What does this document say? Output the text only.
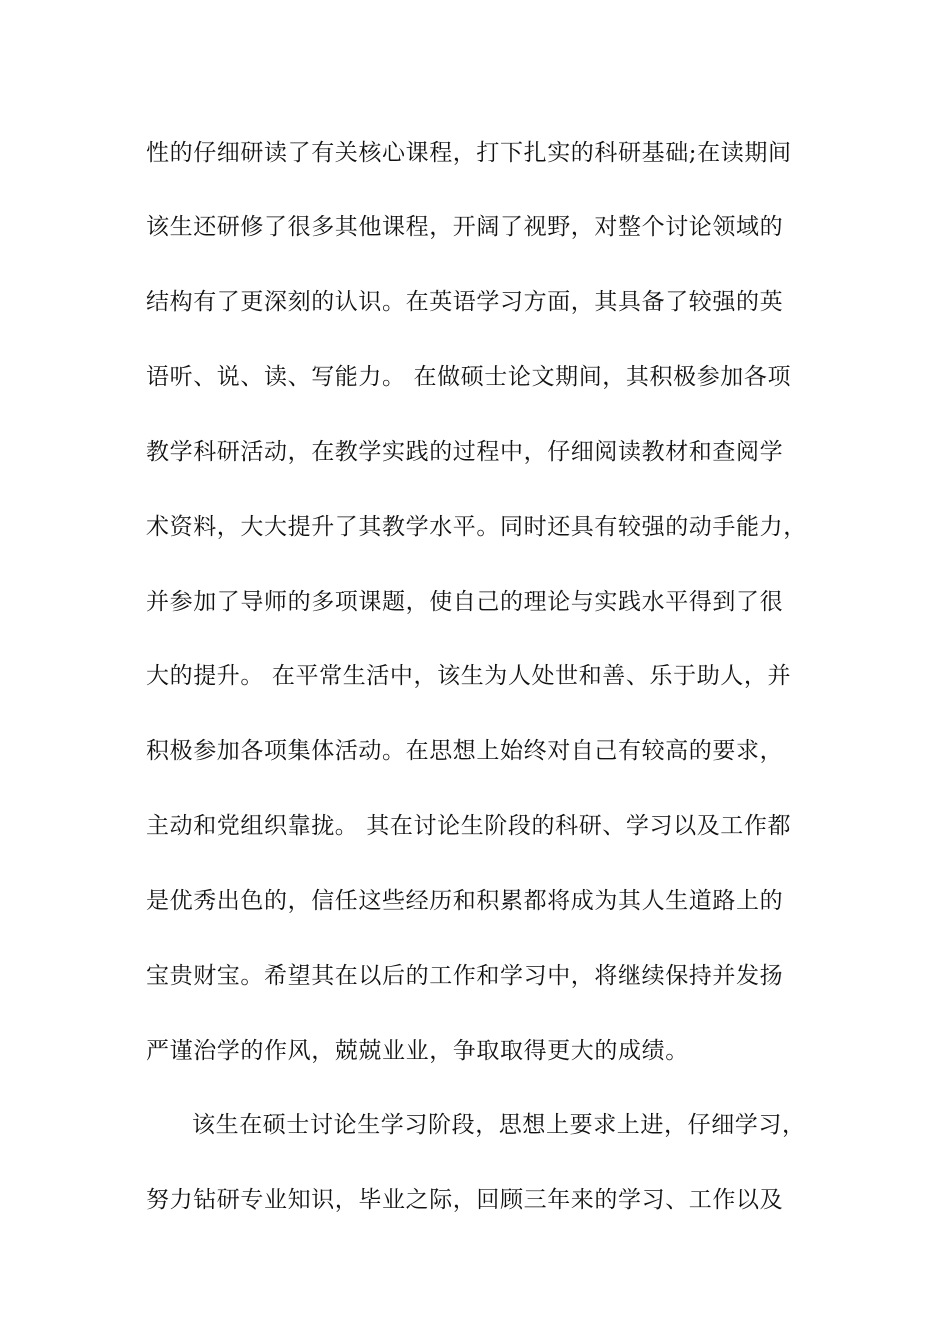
性的仔细研读了有关核心课程，打下扎实的科研基础;在读期间
该生还研修了很多其他课程，开阔了视野，对整个讨论领域的
结构有了更深刻的认识。在英语学习方面，其具备了较强的英
语听、说、读、写能力。 在做硕士论文期间，其积极参加各项
教学科研活动，在教学实践的过程中，仔细阅读教材和查阅学
术资料，大大提升了其教学水平。同时还具有较强的动手能力，
并参加了导师的多项课题，使自己的理论与实践水平得到了很
大的提升。 在平常生活中，该生为人处世和善、乐于助人，并
积极参加各项集体活动。在思想上始终对自己有较高的要求，
主动和党组织靠拢。 其在讨论生阶段的科研、学习以及工作都
是优秀出色的，信任这些经历和积累都将成为其人生道路上的
宝贵财宝。希望其在以后的工作和学习中，将继续保持并发扬
严谨治学的作风，兢兢业业，争取取得更大的成绩。
该生在硕士讨论生学习阶段，思想上要求上进，仔细学习，
努力钻研专业知识，毕业之际，回顾三年来的学习、工作以及
